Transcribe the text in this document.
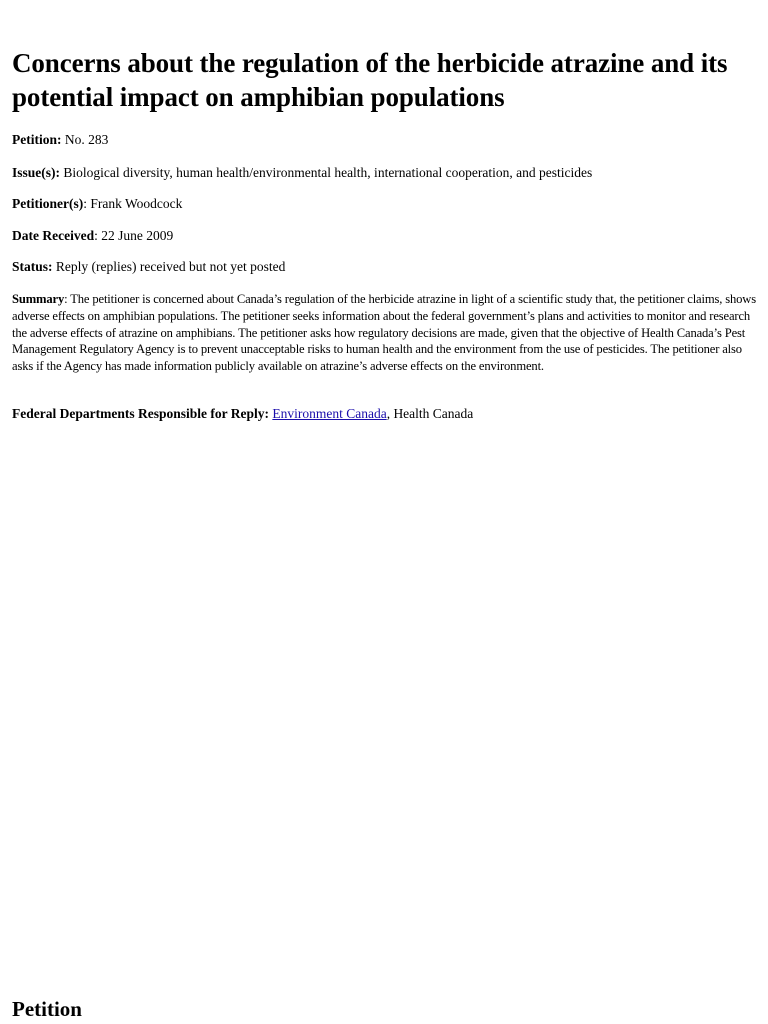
Concerns about the regulation of the herbicide atrazine and its potential impact on amphibian populations

Petition: No. 283

Issue(s): Biological diversity, human health/environmental health, international cooperation, and pesticides

Petitioner(s): Frank Woodcock

Date Received: 22 June 2009

Status: Reply (replies) received but not yet posted

Summary: The petitioner is concerned about Canada’s regulation of the herbicide atrazine in light of a scientific study that, the petitioner claims, shows adverse effects on amphibian populations. The petitioner seeks information about the federal government’s plans and activities to monitor and research the adverse effects of atrazine on amphibians. The petitioner asks how regulatory decisions are made, given that the objective of Health Canada’s Pest Management Regulatory Agency is to prevent unacceptable risks to human health and the environment from the use of pesticides. The petitioner also asks if the Agency has made information publicly available on atrazine’s adverse effects on the environment.

Federal Departments Responsible for Reply: Environment Canada, Health Canada

Petition
